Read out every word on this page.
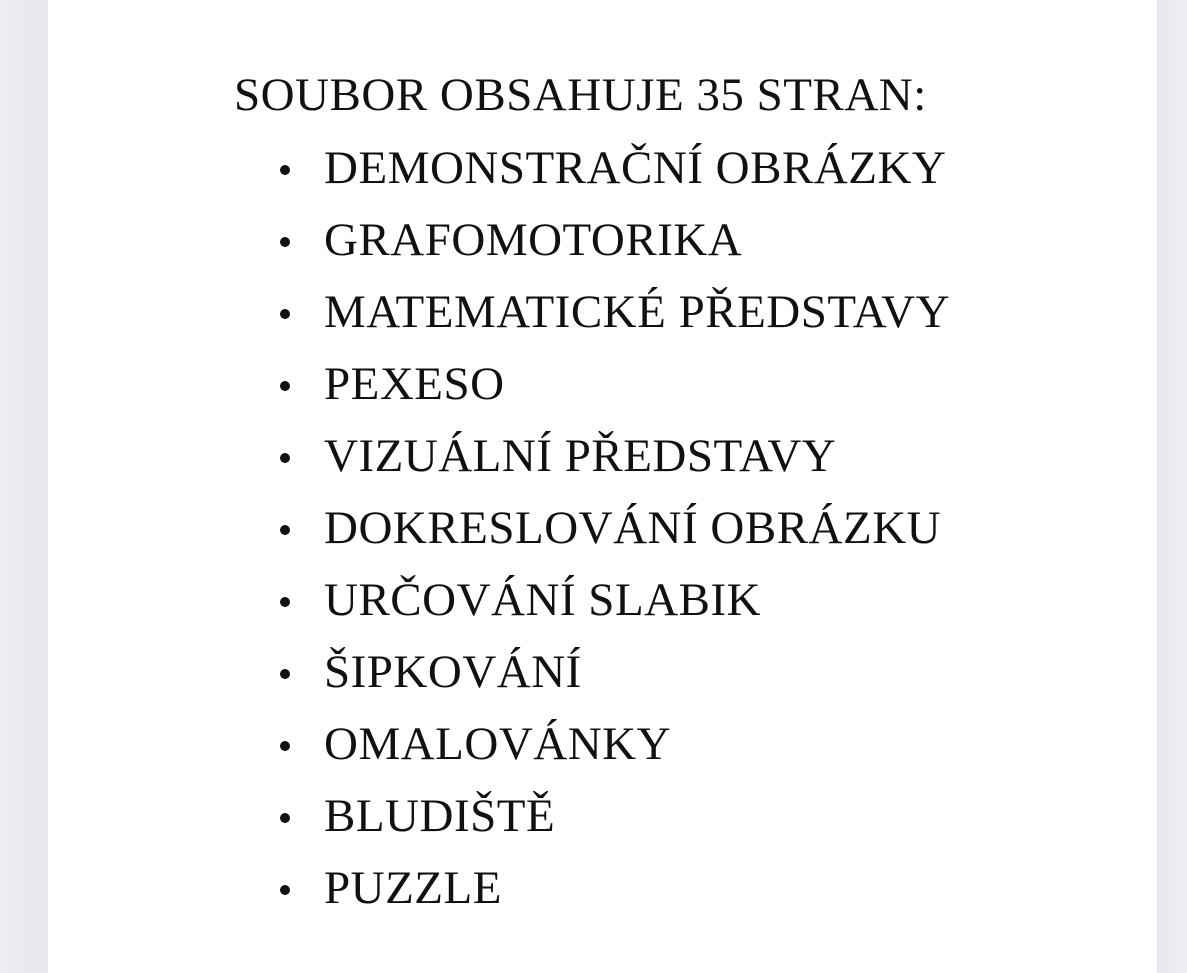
SOUBOR OBSAHUJE 35 STRAN:
DEMONSTRAČNÍ OBRÁZKY
GRAFOMOTORIKA
MATEMATICKÉ PŘEDSTAVY
PEXESO
VIZUÁLNÍ PŘEDSTAVY
DOKRESLOVÁNÍ OBRÁZKU
URČOVÁNÍ SLABIK
ŠIPKOVÁNÍ
OMALOVÁNKY
BLUDIŠTĚ
PUZZLE
